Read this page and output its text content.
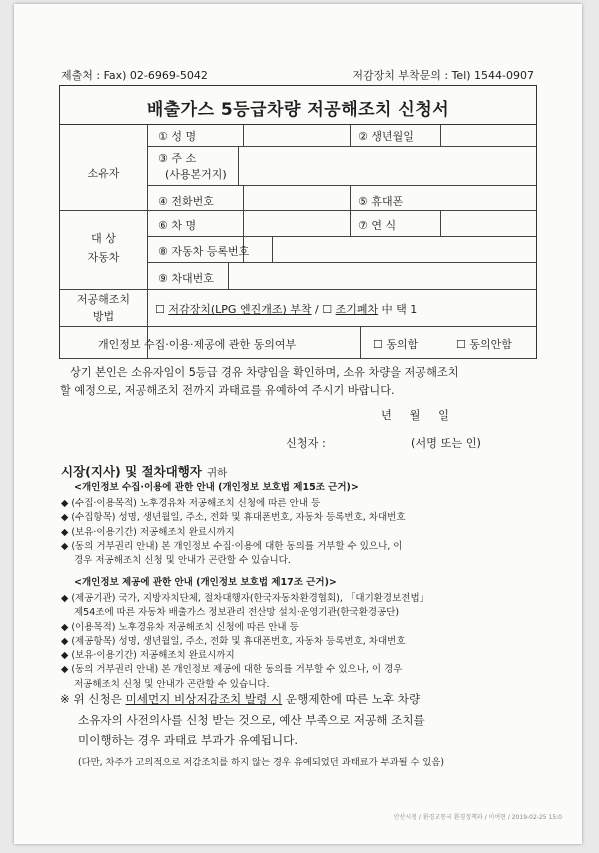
제출처 : Fax) 02-6969-5042	저감장치 부착문의 : Tel) 1544-0907
배출가스 5등급차량 저공해조치 신청서
소유자
① 성 명	② 생년월일
③ 주 소
(사용본거지)
④ 전화번호	⑤ 휴대폰
대 상
자동차
⑥ 차 명	⑦ 연 식
⑧ 자동차 등록번호
⑨ 차대번호
저공해조치
방법
☐ 저감장치(LPG 엔진개조) 부착 / ☐ 조기폐차 中 택 1
개인정보 수집·이용·제공에 관한 동의여부	☐ 동의함	☐ 동의안함
상기 본인은 소유자임이 5등급 경유 차량임을 확인하며, 소유 차량을 저공해조치
할 예정으로, 저공해조치 전까지 과태료를 유예하여 주시기 바랍니다.
년     월     일
신청자 :	(서명 또는 인)
시장(지사) 및 절차대행자 귀하
<개인정보 수집·이용에 관한 안내 (개인정보 보호법 제15조 근거)>
◆ (수집·이용목적) 노후경유차 저공해조치 신청에 따른 안내 등
◆ (수집항목) 성명, 생년월일, 주소, 전화 및 휴대폰번호, 자동차 등록번호, 차대번호
◆ (보유·이용기간) 저공해조치 완료시까지
◆ (동의 거부권리 안내) 본 개인정보 수집·이용에 대한 동의를 거부할 수 있으나, 이
경우 저공해조치 신청 및 안내가 곤란할 수 있습니다.
<개인정보 제공에 관한 안내 (개인정보 보호법 제17조 근거)>
◆ (제공기관) 국가, 지방자치단체, 절차대행자(한국자동차환경협회), 「대기환경보전법」
제54조에 따른 자동차 배출가스 정보관리 전산망 설치·운영기관(한국환경공단)
◆ (이용목적) 노후경유차 저공해조치 신청에 따른 안내 등
◆ (제공항목) 성명, 생년월일, 주소, 전화 및 휴대폰번호, 자동차 등록번호, 차대번호
◆ (보유·이용기간) 저공해조치 완료시까지
◆ (동의 거부권리 안내) 본 개인정보 제공에 대한 동의를 거부할 수 있으나, 이 경우
저공해조치 신청 및 안내가 곤란할 수 있습니다.
※ 위 신청은 미세먼지 비상저감조치 발령 시 운행제한에 따른 노후 차량
소유자의 사전의사를 신청 받는 것으로, 예산 부족으로 저공해 조치를
미이행하는 경우 과태료 부과가 유예됩니다.
(다만, 차주가 고의적으로 저감조치를 하지 않는 경우 유예되었던 과태료가 부과될 수 있음)
안산시청 / 환경교통국 환경정책과 / 이여현 / 2019-02-25 15:0
